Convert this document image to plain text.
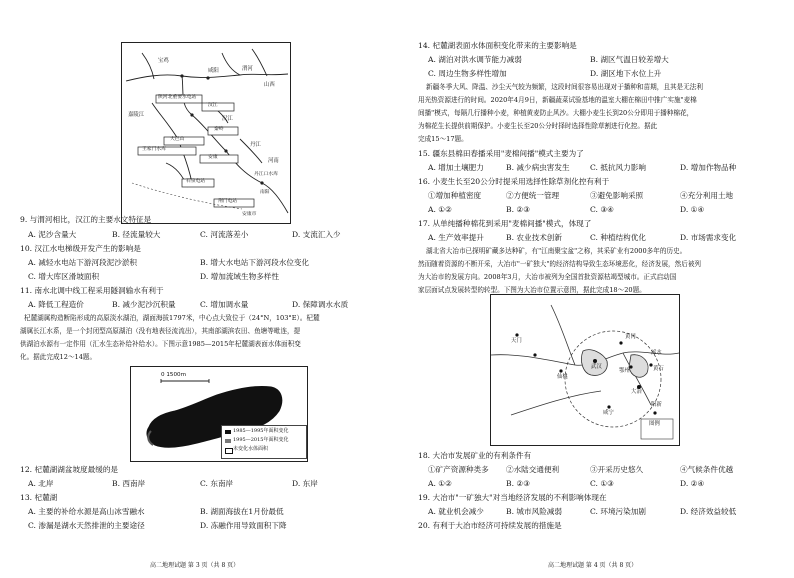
宝鸡
咸阳	渭河
山西
嘉陵江
汉江
丹江
河南
陕河北重要水电站
汉江
秦岭
大巴山
王家门水库
安康
石泉电站
南阳
荆门电站
丹江口水库
安康市
9. 与渭河相比，汉江的主要水文特征是
A. 泥沙含量大	B. 径流量较大	C. 河流落差小	D. 支流汇入少
10. 汉江水电梯级开发产生的影响是
A. 减轻水电站下游河段泥沙淤积	B. 增大水电站下游河段水位变化
C. 增大库区滑坡面积	D. 增加流域生物多样性
11. 南水北调中线工程采用隧洞输水有利于
A. 降低工程造价	B. 减少泥沙沉积量	C. 增加调水量	D. 保障调水水质
杞麓湖属构造断陷形成的高原淡水湖泊，湖面海拔1797米，中心点大致位于（24°N，103°E）。杞麓
湖属长江水系，是一个封闭型高原湖泊（没有地表径流流出），其南部湖滨农田、鱼塘等毗连，提
供湖泊水源有一定作用（汇水生态补给补给水）。下图示意1985—2015年杞麓湖表面水体面积变
化。据此完成12～14题。
0 1500m
1985—1995年面积变化
1995—2015年面积变化
未变化水体面积
12. 杞麓湖湖盆坡度最缓的是
A. 北岸	B. 西南岸	C. 东南岸	D. 东岸
13. 杞麓湖
A. 主要的补给水源是高山冰雪融水	B. 湖面海拔在1月份最低
C. 渗漏是湖水天然排泄的主要途径	D. 冻融作用导致面积下降
高二地理试题 第 3 页（共 8 页）
14. 杞麓湖表面水体面积变化带来的主要影响是
A. 湖泊对洪水调节能力减弱	B. 湖区气温日较差增大
C. 周边生物多样性增加	D. 湖区地下水位上升
新疆冬季大风、降温、沙尘天气较为频繁，这段时间很容易出现对于播种和苗期，且其是无法利
用光热资源进行的时间。2020年4月9日，新疆蔬菜试验基地的温室大棚在棉田中推广实施"麦棉
间播"模式，每隔几行播种小麦，种植黄麦防止风沙。大棚小麦生长到20公分即用于播种棉花，
为棉花生长提供前期保护。小麦生长至20公分时择时选择性除草割进行化控。据此
完成15～17题。
15. 疆东县棉田春播采用"麦棉间播"模式主要为了
A. 增加土壤肥力	B. 减少病虫害发生	C. 抵抗风力影响	D. 增加作物品种
16. 小麦生长至20公分时提采用选择性除草剂化控有利于
①增加种植密度	②方便统一管理	③避免影响采照	④充分利用土地
A. ①②	B. ②③	C. ③④	D. ①④
17. 从单纯播种棉花到采用"麦棉间播"模式，体现了
A. 生产效率提升	B. 农业技术创新	C. 种植结构优化	D. 市场需求变化
湖北省大冶市已探明矿藏多达种矿，有"江南聚宝盆"之称，其采矿业有2000多年的历史。
然而随着资源的不断开采，大冶市"一矿独大"的经济结构导致生态环境恶化，经济发展，然后被列
为大冶市的发展方向。2008年3月，大冶市被列为全国首批资源枯竭型城市。正式启动国
家层面试点发展转型的转型。下图为大冶市位置示意图，据此完成18～20题。
大冶
黄冈
浠水
仙桃
武汉
鄂州	黄石
咸宁
阳新
天门
图例
18. 大冶市发展矿业的有利条件有
①矿产资源种类多 ②水陆交通便利	③开采历史悠久	④气候条件优越
A. ①②	B. ②③	C. ①③	D. ②④
19. 大冶市"一矿独大"对当地经济发展的不利影响体现在
A. 就业机会减少	B. 城市风险减弱	C. 环境污染加剧	D. 经济效益较低
20. 有利于大冶市经济可持续发展的措施是
高二地理试题 第 4 页（共 8 页）
